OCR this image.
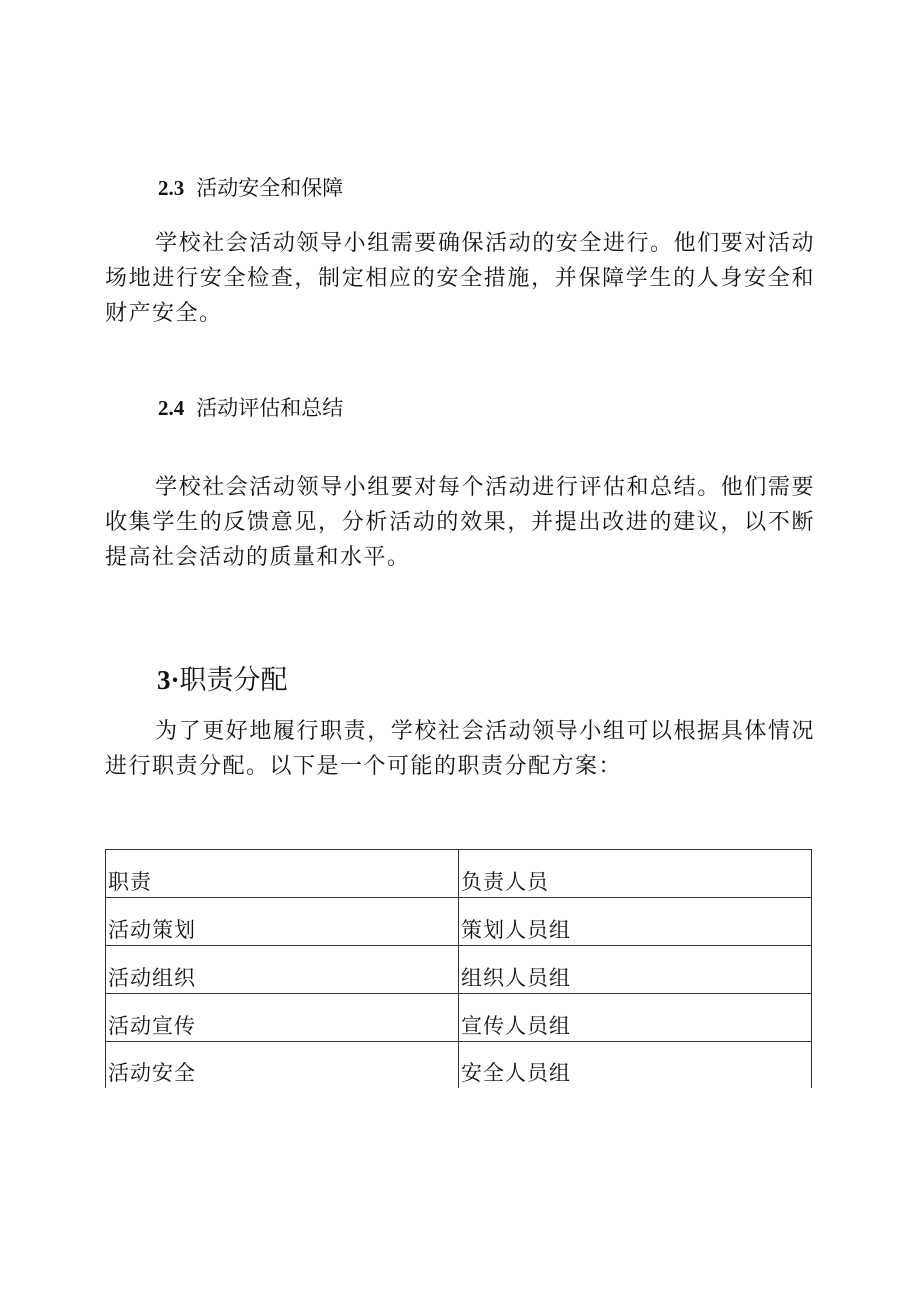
2.3 活动安全和保障

学校社会活动领导小组需要确保活动的安全进行。他们要对活动场地进行安全检查，制定相应的安全措施，并保障学生的人身安全和财产安全。

2.4 活动评估和总结

学校社会活动领导小组要对每个活动进行评估和总结。他们需要收集学生的反馈意见，分析活动的效果，并提出改进的建议，以不断提高社会活动的质量和水平。

3·职责分配

为了更好地履行职责，学校社会活动领导小组可以根据具体情况进行职责分配。以下是一个可能的职责分配方案：

职责	负责人员
活动策划	策划人员组
活动组织	组织人员组
活动宣传	宣传人员组
活动安全	安全人员组
